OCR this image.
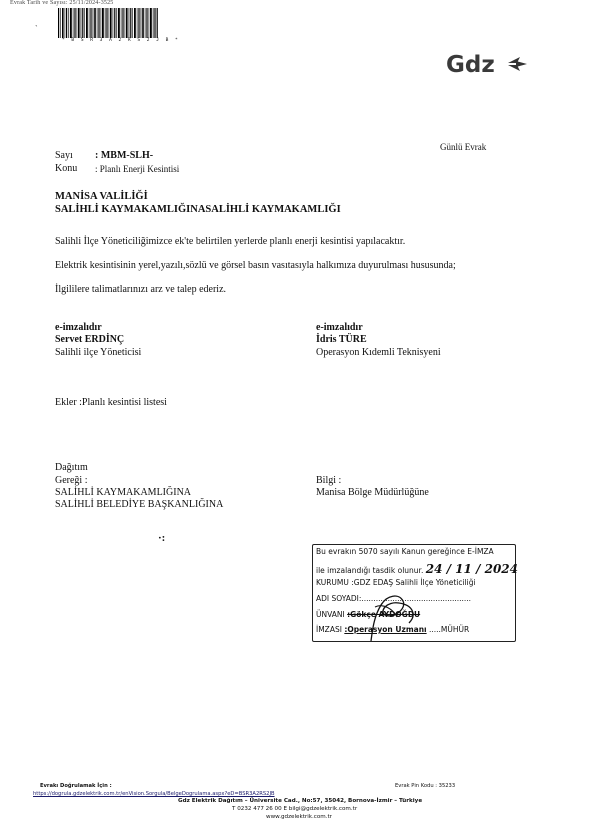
Evrak Tarih ve Sayısı: 25/11/2024-3525
* B S R 3 A 2 R S 2 J B *
`
Gdz
Günlü Evrak
Sayı : MBM-SLH-
Konu : Planlı Enerji Kesintisi
MANİSA VALİLİĞİ
SALİHLİ KAYMAKAMLIĞINASALİHLİ KAYMAKAMLIĞI
Salihli İlçe Yöneticiliğimizce ek'te belirtilen yerlerde planlı enerji kesintisi yapılacaktır.
Elektrik kesintisinin yerel,yazılı,sözlü ve görsel basın vasıtasıyla halkımıza duyurulması hususunda;
İlgililere talimatlarınızı arz ve talep ederiz.
e-imzalıdır
Servet ERDİNÇ
Salihli ilçe Yöneticisi
e-imzalıdır
İdris TÜRE
Operasyon Kıdemli Teknisyeni
Ekler :Planlı kesintisi listesi
Dağıtım
Gereği :
SALİHLİ KAYMAKAMLIĞINA
SALİHLİ BELEDİYE BAŞKANLIĞINA
Bilgi :
Manisa Bölge Müdürlüğüne
·:
Bu evrakın 5070 sayılı Kanun gereğince E-İMZA
ile imzalandığı tasdik olunur. 24 / 11 / 2024
KURUMU :GDZ EDAŞ Salihli İlçe Yöneticiliği
ADI SOYADI:..............................................
ÜNVANI :Gökçe AYDOĞDU
İMZASI :Operasyon Uzmanı .....MÜHÜR
Evrakı Doğrulamak İçin :
https://dogrula.gdzelektrik.com.tr/enVision.Sorgula/BelgeDogrulama.aspx?eD=BSR3A2RS2JB
Evrak Pin Kodu : 35233
Gdz Elektrik Dağıtım – Üniversite Cad., No:57, 35042, Bornova-İzmir – Türkiye
T 0232 477 26 00 E bilgi@gdzelektrik.com.tr
www.gdzelektrik.com.tr
